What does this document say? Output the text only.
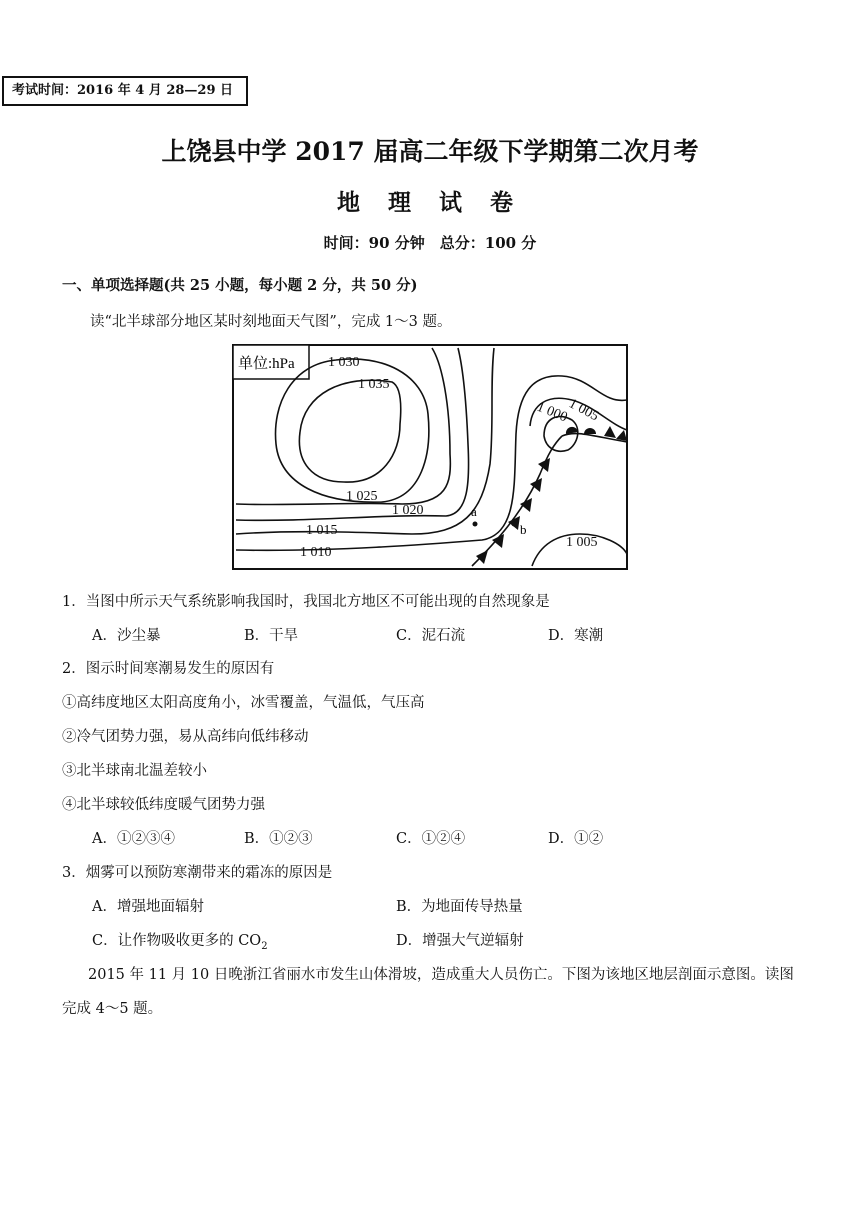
考试时间：2016 年 4 月 28—29 日
上饶县中学 2017 届高二年级下学期第二次月考
地 理 试 卷
时间：90 分钟　总分：100 分
一、单项选择题(共 25 小题，每小题 2 分，共 50 分)
读“北半球部分地区某时刻地面天气图”，完成 1～3 题。
单位:hPa
a
b
1 030
1 035
1 025
1 020
1 015
1 010
1 005
1 000
1 005
1．当图中所示天气系统影响我国时，我国北方地区不可能出现的自然现象是
A．沙尘暴	B．干旱	C．泥石流	D．寒潮
2．图示时间寒潮易发生的原因有
①高纬度地区太阳高度角小，冰雪覆盖，气温低，气压高
②冷气团势力强，易从高纬向低纬移动
③北半球南北温差较小
④北半球较低纬度暖气团势力强
A．①②③④	B．①②③	C．①②④	D．①②
3．烟雾可以预防寒潮带来的霜冻的原因是
A．增强地面辐射	B．为地面传导热量
C．让作物吸收更多的 $CO_2$	D．增强大气逆辐射
2015 年 11 月 10 日晚浙江省丽水市发生山体滑坡，造成重大人员伤亡。下图为该地区地层剖面示意图。读图
完成 4～5 题。
